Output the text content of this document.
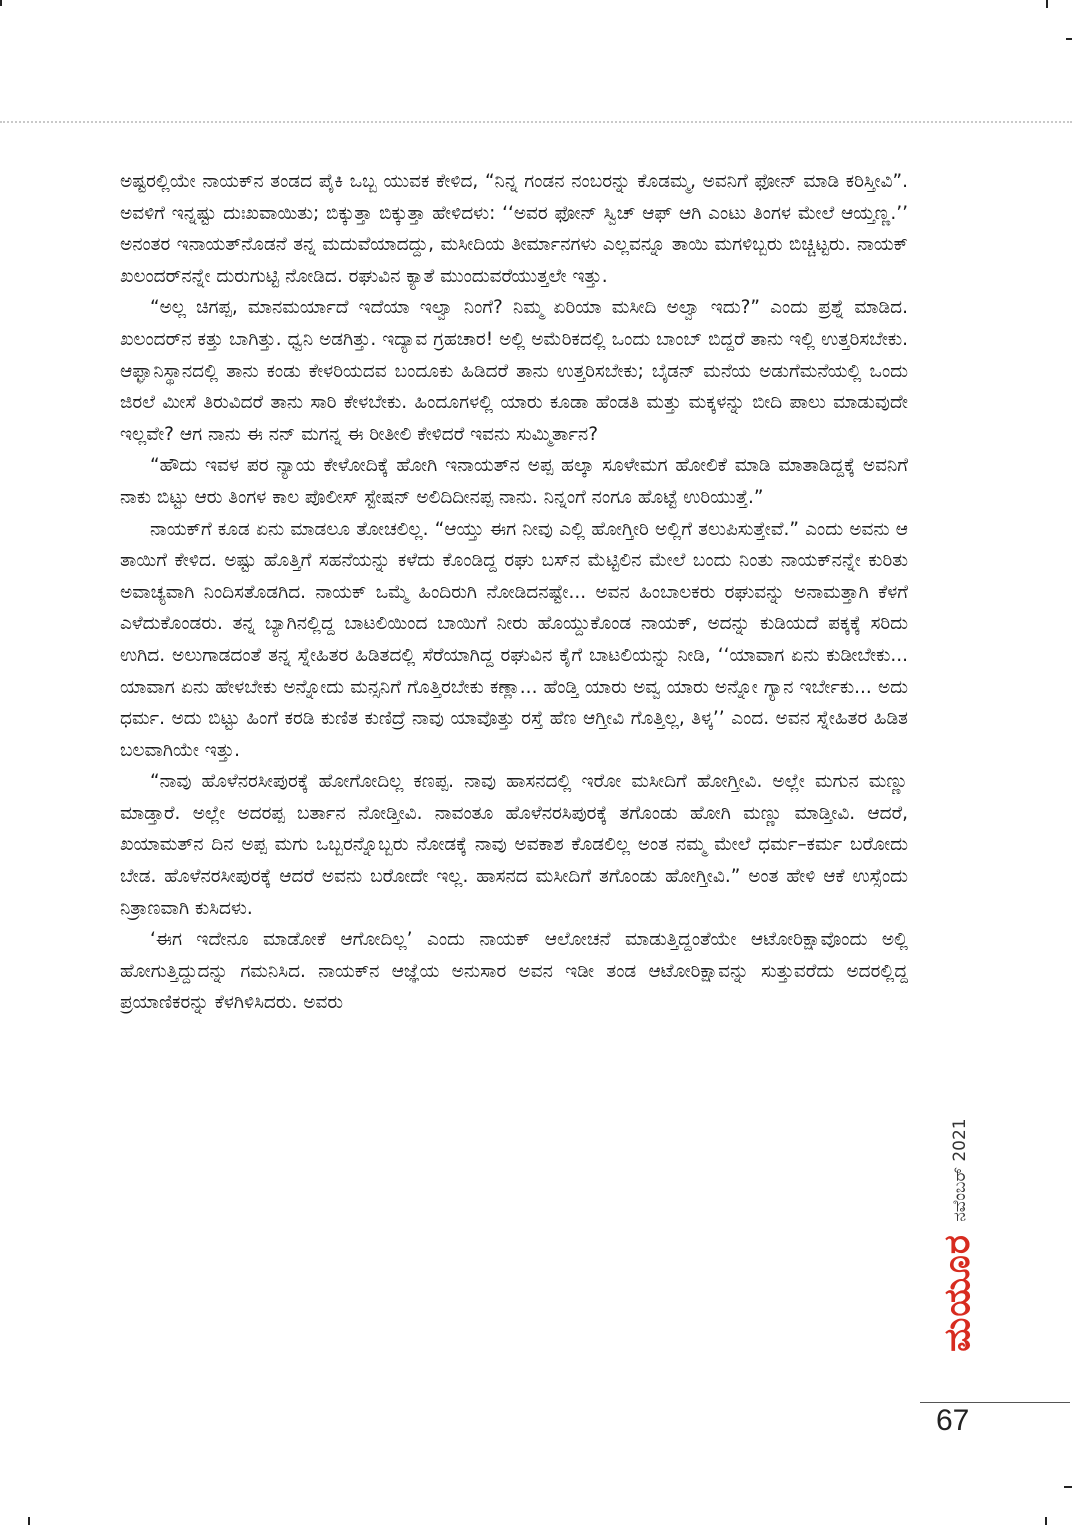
ಅಷ್ಟರಲ್ಲಿಯೇ ನಾಯಕ್‌ನ ತಂಡದ ಪೈಕಿ ಒಬ್ಬ ಯುವಕ ಕೇಳಿದ, “ನಿನ್ನ ಗಂಡನ ನಂಬರನ್ನು ಕೊಡಮ್ಮ, ಅವನಿಗೆ ಫೋನ್ ಮಾಡಿ ಕರಿಸ್ತೀವಿ”. ಅವಳಿಗೆ ಇನ್ನಷ್ಟು ದುಃಖವಾಯಿತು; ಬಿಕ್ಕುತ್ತಾ ಬಿಕ್ಕುತ್ತಾ ಹೇಳಿದಳು: ‘‘ಅವರ ಫೋನ್ ಸ್ವಿಚ್ ಆಫ್ ಆಗಿ ಎಂಟು ತಿಂಗಳ ಮೇಲೆ ಆಯ್ತಣ್ಣ.’’ ಅನಂತರ ಇನಾಯತ್‌ನೊಡನೆ ತನ್ನ ಮದುವೆಯಾದದ್ದು, ಮಸೀದಿಯ ತೀರ್ಮಾನಗಳು ಎಲ್ಲವನ್ನೂ ತಾಯಿ ಮಗಳಿಬ್ಬರು ಬಿಚ್ಚಿಟ್ಟರು. ನಾಯಕ್ ಖಲಂದರ್‌ನನ್ನೇ ದುರುಗುಟ್ಟಿ ನೋಡಿದ. ರಘುವಿನ ಕ್ಯಾತೆ ಮುಂದುವರೆಯುತ್ತಲೇ ಇತ್ತು.

“ಅಲ್ಲ ಚಿಗಪ್ಪ, ಮಾನಮರ್ಯಾದೆ ಇದೆಯಾ ಇಲ್ವಾ ನಿಂಗೆ? ನಿಮ್ಮ ಏರಿಯಾ ಮಸೀದಿ ಅಲ್ವಾ ಇದು?” ಎಂದು ಪ್ರಶ್ನೆ ಮಾಡಿದ. ಖಲಂದರ್‌ನ ಕತ್ತು ಬಾಗಿತ್ತು. ಧ್ವನಿ ಅಡಗಿತ್ತು. ಇದ್ಯಾವ ಗ್ರಹಚಾರ! ಅಲ್ಲಿ ಅಮೆರಿಕದಲ್ಲಿ ಒಂದು ಬಾಂಬ್ ಬಿದ್ದರೆ ತಾನು ಇಲ್ಲಿ ಉತ್ತರಿಸಬೇಕು. ಆಫ್ಘಾನಿಸ್ಥಾನದಲ್ಲಿ ತಾನು ಕಂಡು ಕೇಳರಿಯದವ ಬಂದೂಕು ಹಿಡಿದರೆ ತಾನು ಉತ್ತರಿಸಬೇಕು; ಬೈಡನ್ ಮನೆಯ ಅಡುಗೆಮನೆಯಲ್ಲಿ ಒಂದು ಜಿರಲೆ ಮೀಸೆ ತಿರುವಿದರೆ ತಾನು ಸಾರಿ ಕೇಳಬೇಕು. ಹಿಂದೂಗಳಲ್ಲಿ ಯಾರು ಕೂಡಾ ಹೆಂಡತಿ ಮತ್ತು ಮಕ್ಕಳನ್ನು ಬೀದಿ ಪಾಲು ಮಾಡುವುದೇ ಇಲ್ಲವೇ? ಆಗ ನಾನು ಈ ನನ್ ಮಗನ್ನ ಈ ರೀತೀಲಿ ಕೇಳಿದರೆ ಇವನು ಸುಮ್ಮಿರ್ತಾನ?

“ಹೌದು ಇವಳ ಪರ ನ್ಯಾಯ ಕೇಳೋದಿಕ್ಕೆ ಹೋಗಿ ಇನಾಯತ್‌ನ ಅಪ್ಪ ಹಲ್ಕಾ ಸೂಳೇಮಗ ಹೋಲಿಕೆ ಮಾಡಿ ಮಾತಾಡಿದ್ದಕ್ಕೆ ಅವನಿಗೆ ನಾಕು ಬಿಟ್ಟು ಆರು ತಿಂಗಳ ಕಾಲ ಪೊಲೀಸ್ ಸ್ಟೇಷನ್ ಅಲಿದಿದೀನಪ್ಪ ನಾನು. ನಿನ್ನಂಗೆ ನಂಗೂ ಹೊಟ್ಟೆ ಉರಿಯುತ್ತೆ.”

ನಾಯಕ್‌ಗೆ ಕೂಡ ಏನು ಮಾಡಲೂ ತೋಚಲಿಲ್ಲ. “ಆಯ್ತು ಈಗ ನೀವು ಎಲ್ಲಿ ಹೋಗ್ತೀರಿ ಅಲ್ಲಿಗೆ ತಲುಪಿಸುತ್ತೇವೆ.” ಎಂದು ಅವನು ಆ ತಾಯಿಗೆ ಕೇಳಿದ. ಅಷ್ಟು ಹೊತ್ತಿಗೆ ಸಹನೆಯನ್ನು ಕಳೆದು ಕೊಂಡಿದ್ದ ರಘು ಬಸ್‌ನ ಮೆಟ್ಟಿಲಿನ ಮೇಲೆ ಬಂದು ನಿಂತು ನಾಯಕ್‌ನನ್ನೇ ಕುರಿತು ಅವಾಚ್ಯವಾಗಿ ನಿಂದಿಸತೊಡಗಿದ. ನಾಯಕ್ ಒಮ್ಮೆ ಹಿಂದಿರುಗಿ ನೋಡಿದನಷ್ಟೇ... ಅವನ ಹಿಂಬಾಲಕರು ರಘುವನ್ನು ಅನಾಮತ್ತಾಗಿ ಕೆಳಗೆ ಎಳೆದುಕೊಂಡರು. ತನ್ನ ಬ್ಯಾಗಿನಲ್ಲಿದ್ದ ಬಾಟಲಿಯಿಂದ ಬಾಯಿಗೆ ನೀರು ಹೊಯ್ದುಕೊಂಡ ನಾಯಕ್, ಅದನ್ನು ಕುಡಿಯದೆ ಪಕ್ಕಕ್ಕೆ ಸರಿದು ಉಗಿದ. ಅಲುಗಾಡದಂತೆ ತನ್ನ ಸ್ನೇಹಿತರ ಹಿಡಿತದಲ್ಲಿ ಸೆರೆಯಾಗಿದ್ದ ರಘುವಿನ ಕೈಗೆ ಬಾಟಲಿಯನ್ನು ನೀಡಿ, ‘‘ಯಾವಾಗ ಏನು ಕುಡೀಬೇಕು... ಯಾವಾಗ ಏನು ಹೇಳಬೇಕು ಅನ್ನೋದು ಮನ್ಸನಿಗೆ ಗೊತ್ತಿರಬೇಕು ಕಣ್ಲಾ... ಹೆಂಡ್ತಿ ಯಾರು ಅವ್ವ ಯಾರು ಅನ್ನೋ ಗ್ಯಾನ ಇರ್ಬೇಕು... ಅದು ಧರ್ಮ. ಅದು ಬಿಟ್ಟು ಹಿಂಗೆ ಕರಡಿ ಕುಣಿತ ಕುಣಿದ್ರೆ ನಾವು ಯಾವೊತ್ತು ರಸ್ತೆ ಹೆಣ ಆಗ್ತೀವಿ ಗೊತ್ತಿಲ್ಲ, ತಿಳ್ಕ’’ ಎಂದ. ಅವನ ಸ್ನೇಹಿತರ ಹಿಡಿತ ಬಲವಾಗಿಯೇ ಇತ್ತು.

“ನಾವು ಹೊಳೆನರಸೀಪುರಕ್ಕೆ ಹೋಗೋದಿಲ್ಲ ಕಣಪ್ಪ. ನಾವು ಹಾಸನದಲ್ಲಿ ಇರೋ ಮಸೀದಿಗೆ ಹೋಗ್ತೀವಿ. ಅಲ್ಲೇ ಮಗುನ ಮಣ್ಣು ಮಾಡ್ತಾರೆ. ಅಲ್ಲೇ ಅದರಪ್ಪ ಬರ್ತಾನ ನೋಡ್ತೀವಿ. ನಾವಂತೂ ಹೊಳೆನರಸಿಪುರಕ್ಕೆ ತಗೊಂಡು ಹೋಗಿ ಮಣ್ಣು ಮಾಡ್ತೀವಿ. ಆದರೆ, ಖಯಾಮತ್‌ನ ದಿನ ಅಪ್ಪ ಮಗು ಒಬ್ಬರನ್ನೊಬ್ಬರು ನೋಡಕ್ಕೆ ನಾವು ಅವಕಾಶ ಕೊಡಲಿಲ್ಲ ಅಂತ ನಮ್ಮ ಮೇಲೆ ಧರ್ಮ–ಕರ್ಮ ಬರೋದು ಬೇಡ. ಹೊಳೆನರಸೀಪುರಕ್ಕೆ ಆದರೆ ಅವನು ಬರೋದೇ ಇಲ್ಲ. ಹಾಸನದ ಮಸೀದಿಗೆ ತಗೊಂಡು ಹೋಗ್ತೀವಿ.” ಅಂತ ಹೇಳಿ ಆಕೆ ಉಸ್ಸೆಂದು ನಿತ್ರಾಣವಾಗಿ ಕುಸಿದಳು.

‘ಈಗ ಇದೇನೂ ಮಾಡೋಕೆ ಆಗೋದಿಲ್ಲ’ ಎಂದು ನಾಯಕ್ ಆಲೋಚನೆ ಮಾಡುತ್ತಿದ್ದಂತೆಯೇ ಆಟೋರಿಕ್ಷಾವೊಂದು ಅಲ್ಲಿ ಹೋಗುತ್ತಿದ್ದುದನ್ನು ಗಮನಿಸಿದ. ನಾಯಕ್‌ನ ಆಜ್ಞೆಯ ಅನುಸಾರ ಅವನ ಇಡೀ ತಂಡ ಆಟೋರಿಕ್ಷಾವನ್ನು ಸುತ್ತುವರೆದು ಅದರಲ್ಲಿದ್ದ ಪ್ರಯಾಣಿಕರನ್ನು ಕೆಳಗಿಳಿಸಿದರು. ಅವರು

ನವೆಂಬರ್ 2021
ಮಯೂರ
67
